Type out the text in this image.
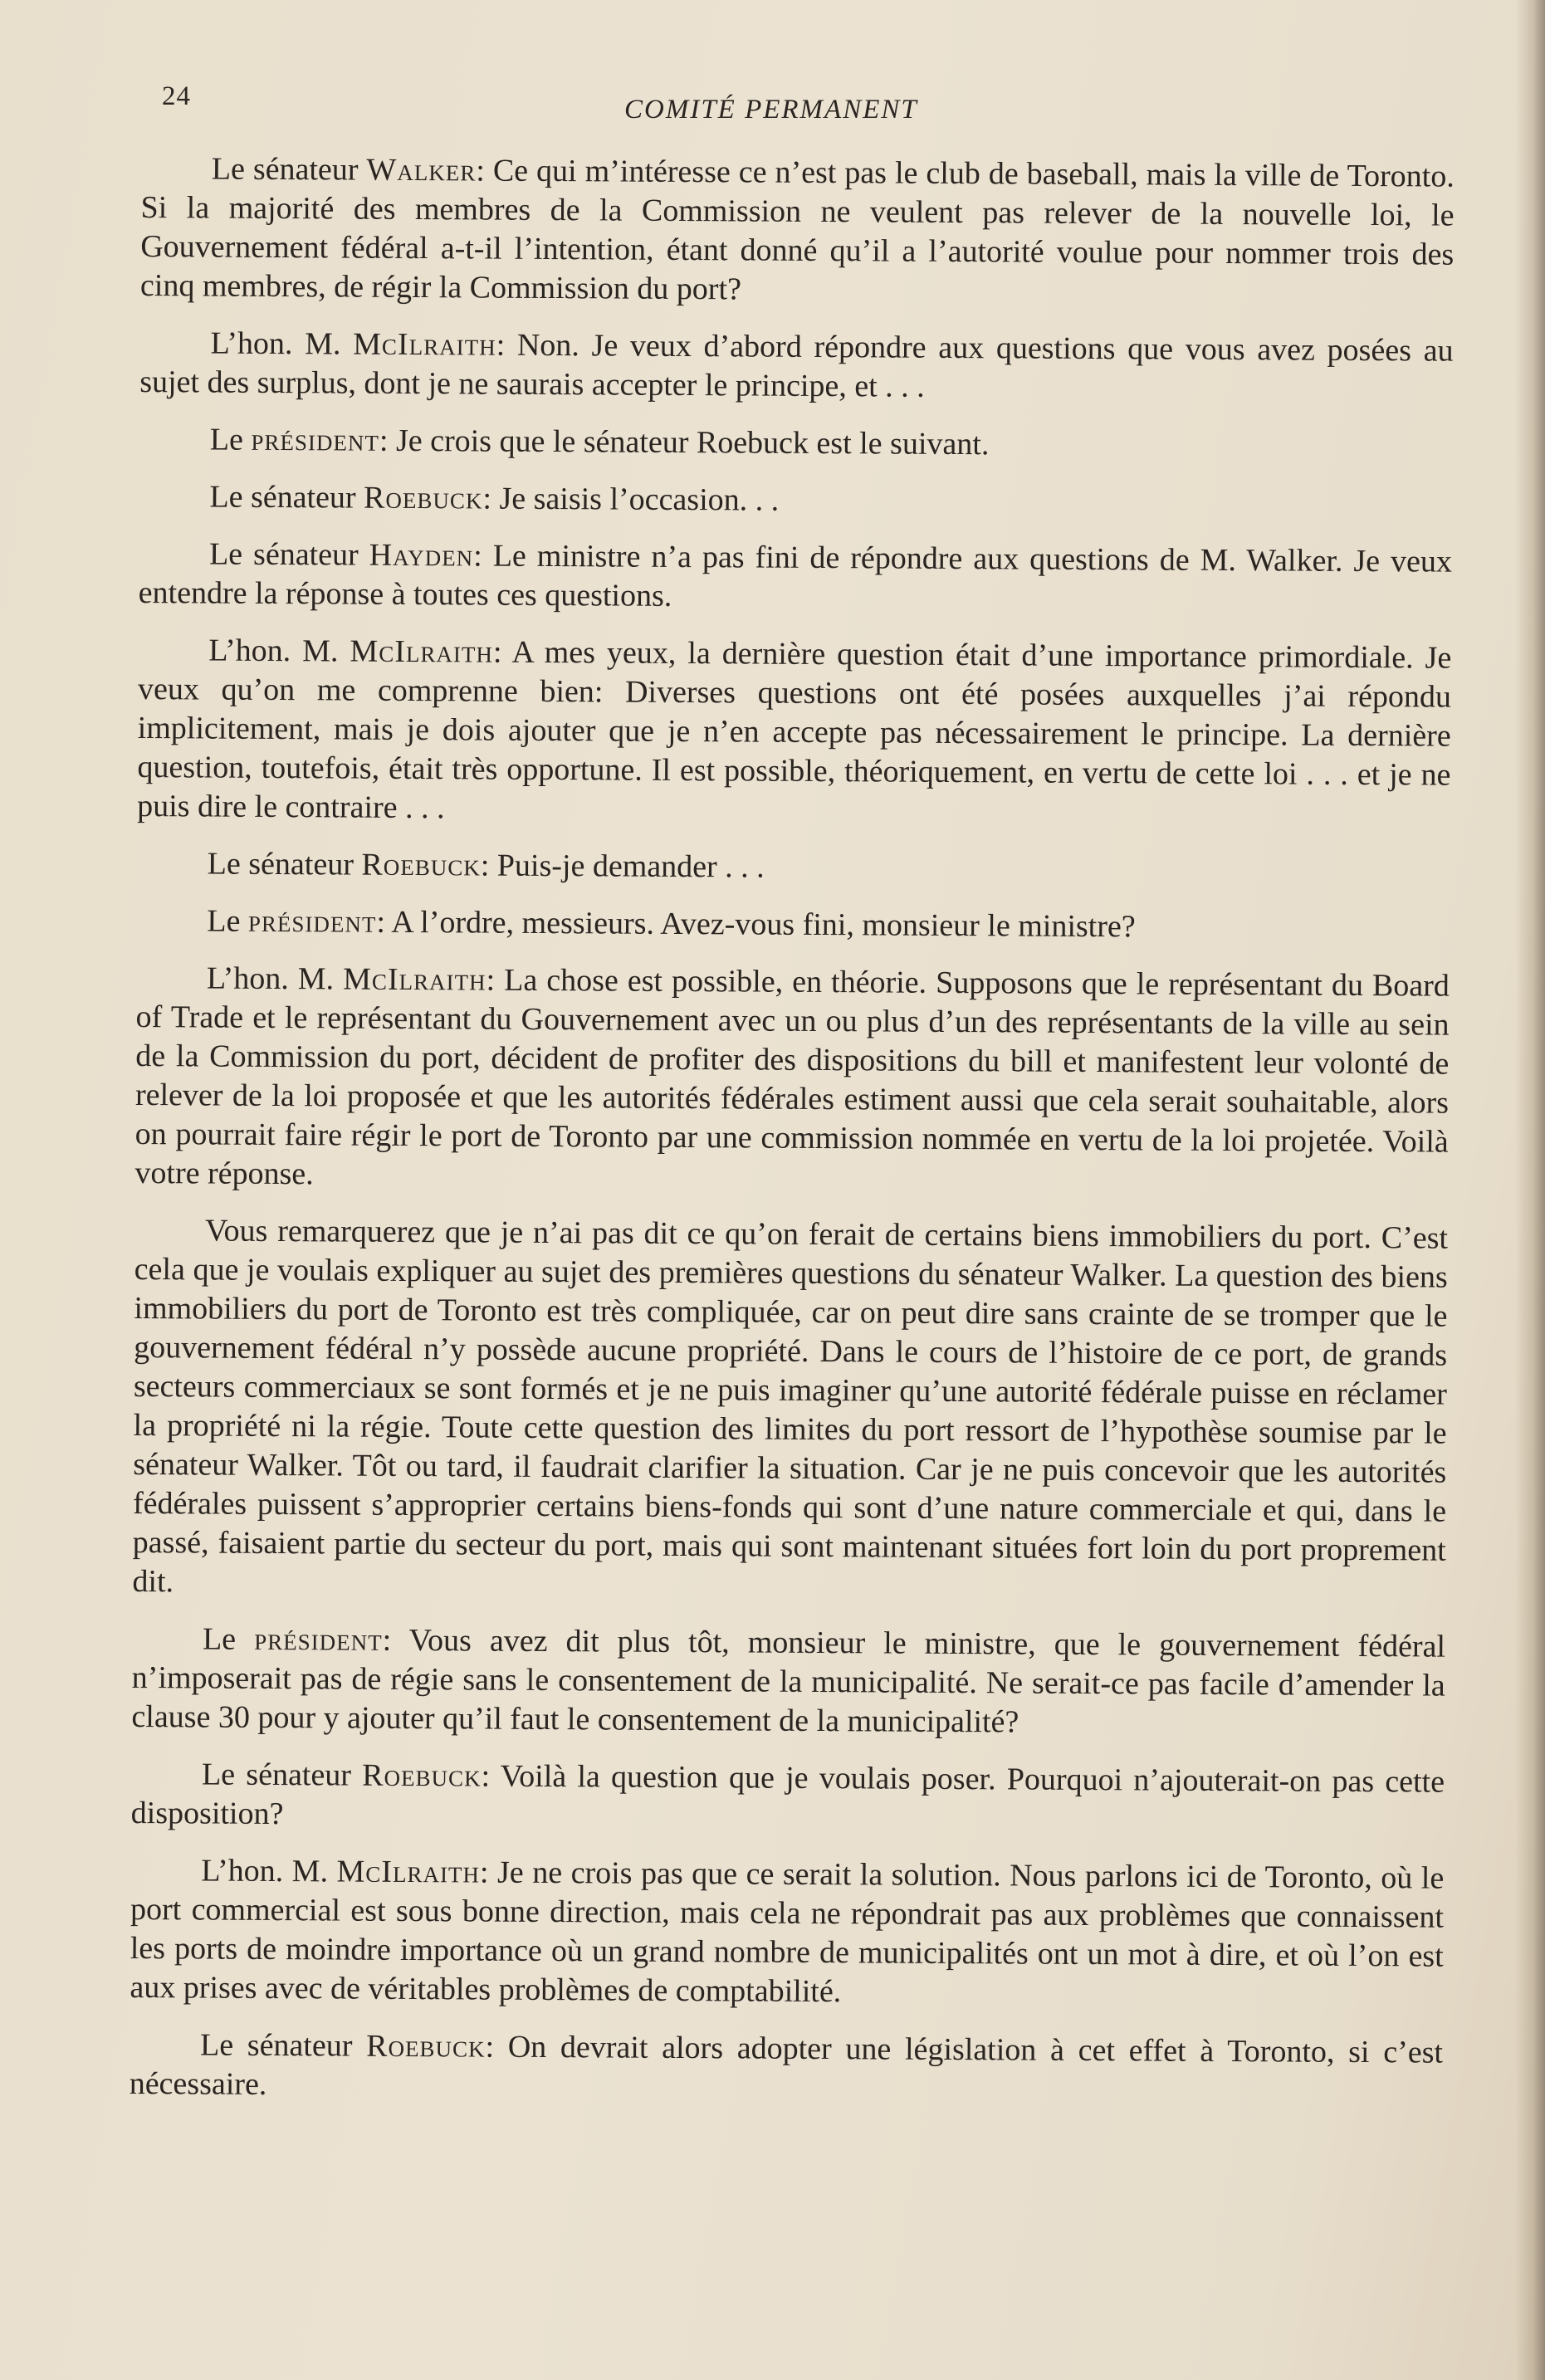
24	COMITÉ PERMANENT

Le sénateur Walker: Ce qui m’intéresse ce n’est pas le club de baseball, mais la ville de Toronto. Si la majorité des membres de la Commission ne veulent pas relever de la nouvelle loi, le Gouvernement fédéral a-t-il l’intention, étant donné qu’il a l’autorité voulue pour nommer trois des cinq membres, de régir la Commission du port?

L’hon. M. McIlraith: Non. Je veux d’abord répondre aux questions que vous avez posées au sujet des surplus, dont je ne saurais accepter le principe, et . . .

Le président: Je crois que le sénateur Roebuck est le suivant.

Le sénateur Roebuck: Je saisis l’occasion. . .

Le sénateur Hayden: Le ministre n’a pas fini de répondre aux questions de M. Walker. Je veux entendre la réponse à toutes ces questions.

L’hon. M. McIlraith: A mes yeux, la dernière question était d’une importance primordiale. Je veux qu’on me comprenne bien: Diverses questions ont été posées auxquelles j’ai répondu implicitement, mais je dois ajouter que je n’en accepte pas nécessairement le principe. La dernière question, toutefois, était très opportune. Il est possible, théoriquement, en vertu de cette loi . . . et je ne puis dire le contraire . . .

Le sénateur Roebuck: Puis-je demander . . .

Le président: A l’ordre, messieurs. Avez-vous fini, monsieur le ministre?

L’hon. M. McIlraith: La chose est possible, en théorie. Supposons que le représentant du Board of Trade et le représentant du Gouvernement avec un ou plus d’un des représentants de la ville au sein de la Commission du port, décident de profiter des dispositions du bill et manifestent leur volonté de relever de la loi proposée et que les autorités fédérales estiment aussi que cela serait souhaitable, alors on pourrait faire régir le port de Toronto par une commission nommée en vertu de la loi projetée. Voilà votre réponse.

Vous remarquerez que je n’ai pas dit ce qu’on ferait de certains biens immobiliers du port. C’est cela que je voulais expliquer au sujet des premières questions du sénateur Walker. La question des biens immobiliers du port de Toronto est très compliquée, car on peut dire sans crainte de se tromper que le gouvernement fédéral n’y possède aucune propriété. Dans le cours de l’histoire de ce port, de grands secteurs commerciaux se sont formés et je ne puis imaginer qu’une autorité fédérale puisse en réclamer la propriété ni la régie. Toute cette question des limites du port ressort de l’hypothèse soumise par le sénateur Walker. Tôt ou tard, il faudrait clarifier la situation. Car je ne puis concevoir que les autorités fédérales puissent s’approprier certains biens-fonds qui sont d’une nature commerciale et qui, dans le passé, faisaient partie du secteur du port, mais qui sont maintenant situées fort loin du port proprement dit.

Le président: Vous avez dit plus tôt, monsieur le ministre, que le gouvernement fédéral n’imposerait pas de régie sans le consentement de la municipalité. Ne serait-ce pas facile d’amender la clause 30 pour y ajouter qu’il faut le consentement de la municipalité?

Le sénateur Roebuck: Voilà la question que je voulais poser. Pourquoi n’ajouterait-on pas cette disposition?

L’hon. M. McIlraith: Je ne crois pas que ce serait la solution. Nous parlons ici de Toronto, où le port commercial est sous bonne direction, mais cela ne répondrait pas aux problèmes que connaissent les ports de moindre importance où un grand nombre de municipalités ont un mot à dire, et où l’on est aux prises avec de véritables problèmes de comptabilité.

Le sénateur Roebuck: On devrait alors adopter une législation à cet effet à Toronto, si c’est nécessaire.
